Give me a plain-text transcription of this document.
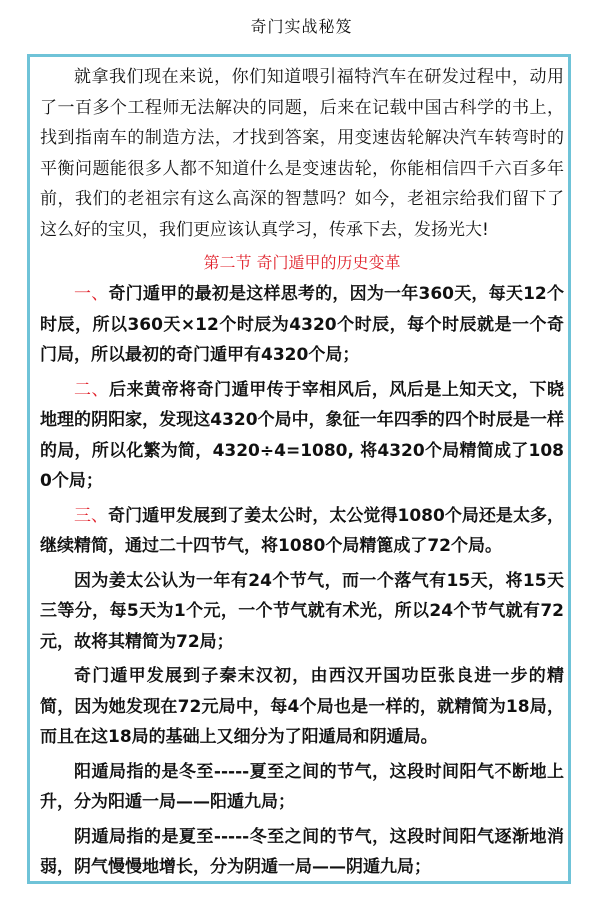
奇门实战秘笈

就拿我们现在来说，你们知道喂引福特汽车在研发过程中，动用了一百多个工程师无法解决的同题，后来在记载中国古科学的书上，找到指南车的制造方法，才找到答案，用变速齿轮解决汽车转弯时的平衡问题能很多人都不知道什么是变速齿轮，你能相信四千六百多年前，我们的老祖宗有这么高深的智慧吗？如今，老祖宗给我们留下了这么好的宝贝，我们更应该认真学习，传承下去，发扬光大!

第二节 奇门遁甲的历史变革

一、奇门遁甲的最初是这样思考的，因为一年360天，每天12个时辰，所以360天×12个时辰为4320个时辰，每个时辰就是一个奇门局，所以最初的奇门遁甲有4320个局；

二、后来黄帝将奇门遁甲传于宰相风后，风后是上知天文，下晓地理的阴阳家，发现这4320个局中，象征一年四季的四个时辰是一样的局，所以化繁为简，4320÷4=1080, 将4320个局精简成了1080个局；

三、奇门遁甲发展到了姜太公时，太公觉得1080个局还是太多，继续精简，通过二十四节气，将1080个局精篦成了72个局。

因为姜太公认为一年有24个节气，而一个落气有15天，将15天三等分，每5天为1个元，一个节气就有术光，所以24个节气就有72元，故将其精简为72局；

奇门遁甲发展到子秦末汉初，由西汉开国功臣张良进一步的精简，因为她发现在72元局中，每4个局也是一样的，就精简为18局，而且在这18局的基础上又细分为了阳遁局和阴遁局。

阳遁局指的是冬至-----夏至之间的节气，这段时间阳气不断地上升，分为阳遁一局——阳遁九局；

阴遁局指的是夏至-----冬至之间的节气，这段时间阳气逐渐地消弱，阴气慢慢地增长，分为阴遁一局——阴遁九局；
